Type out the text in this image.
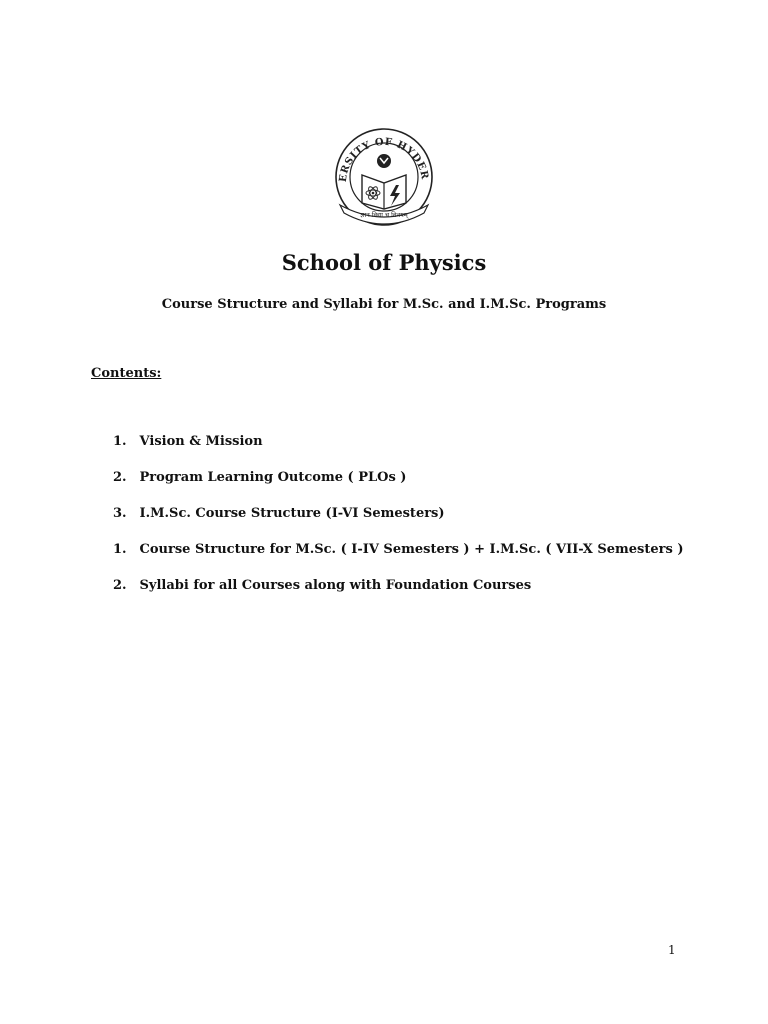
ERSITY OF HYDER
ज्ञान विद्या च विनयम्
School of Physics
Course Structure and Syllabi for M.Sc. and I.M.Sc. Programs
Contents:
1. Vision & Mission
2. Program Learning Outcome ( PLOs )
3. I.M.Sc. Course Structure (I-VI Semesters)
1. Course Structure for M.Sc. ( I-IV Semesters ) + I.M.Sc. ( VII-X Semesters )
2. Syllabi for all Courses along with Foundation Courses
1
